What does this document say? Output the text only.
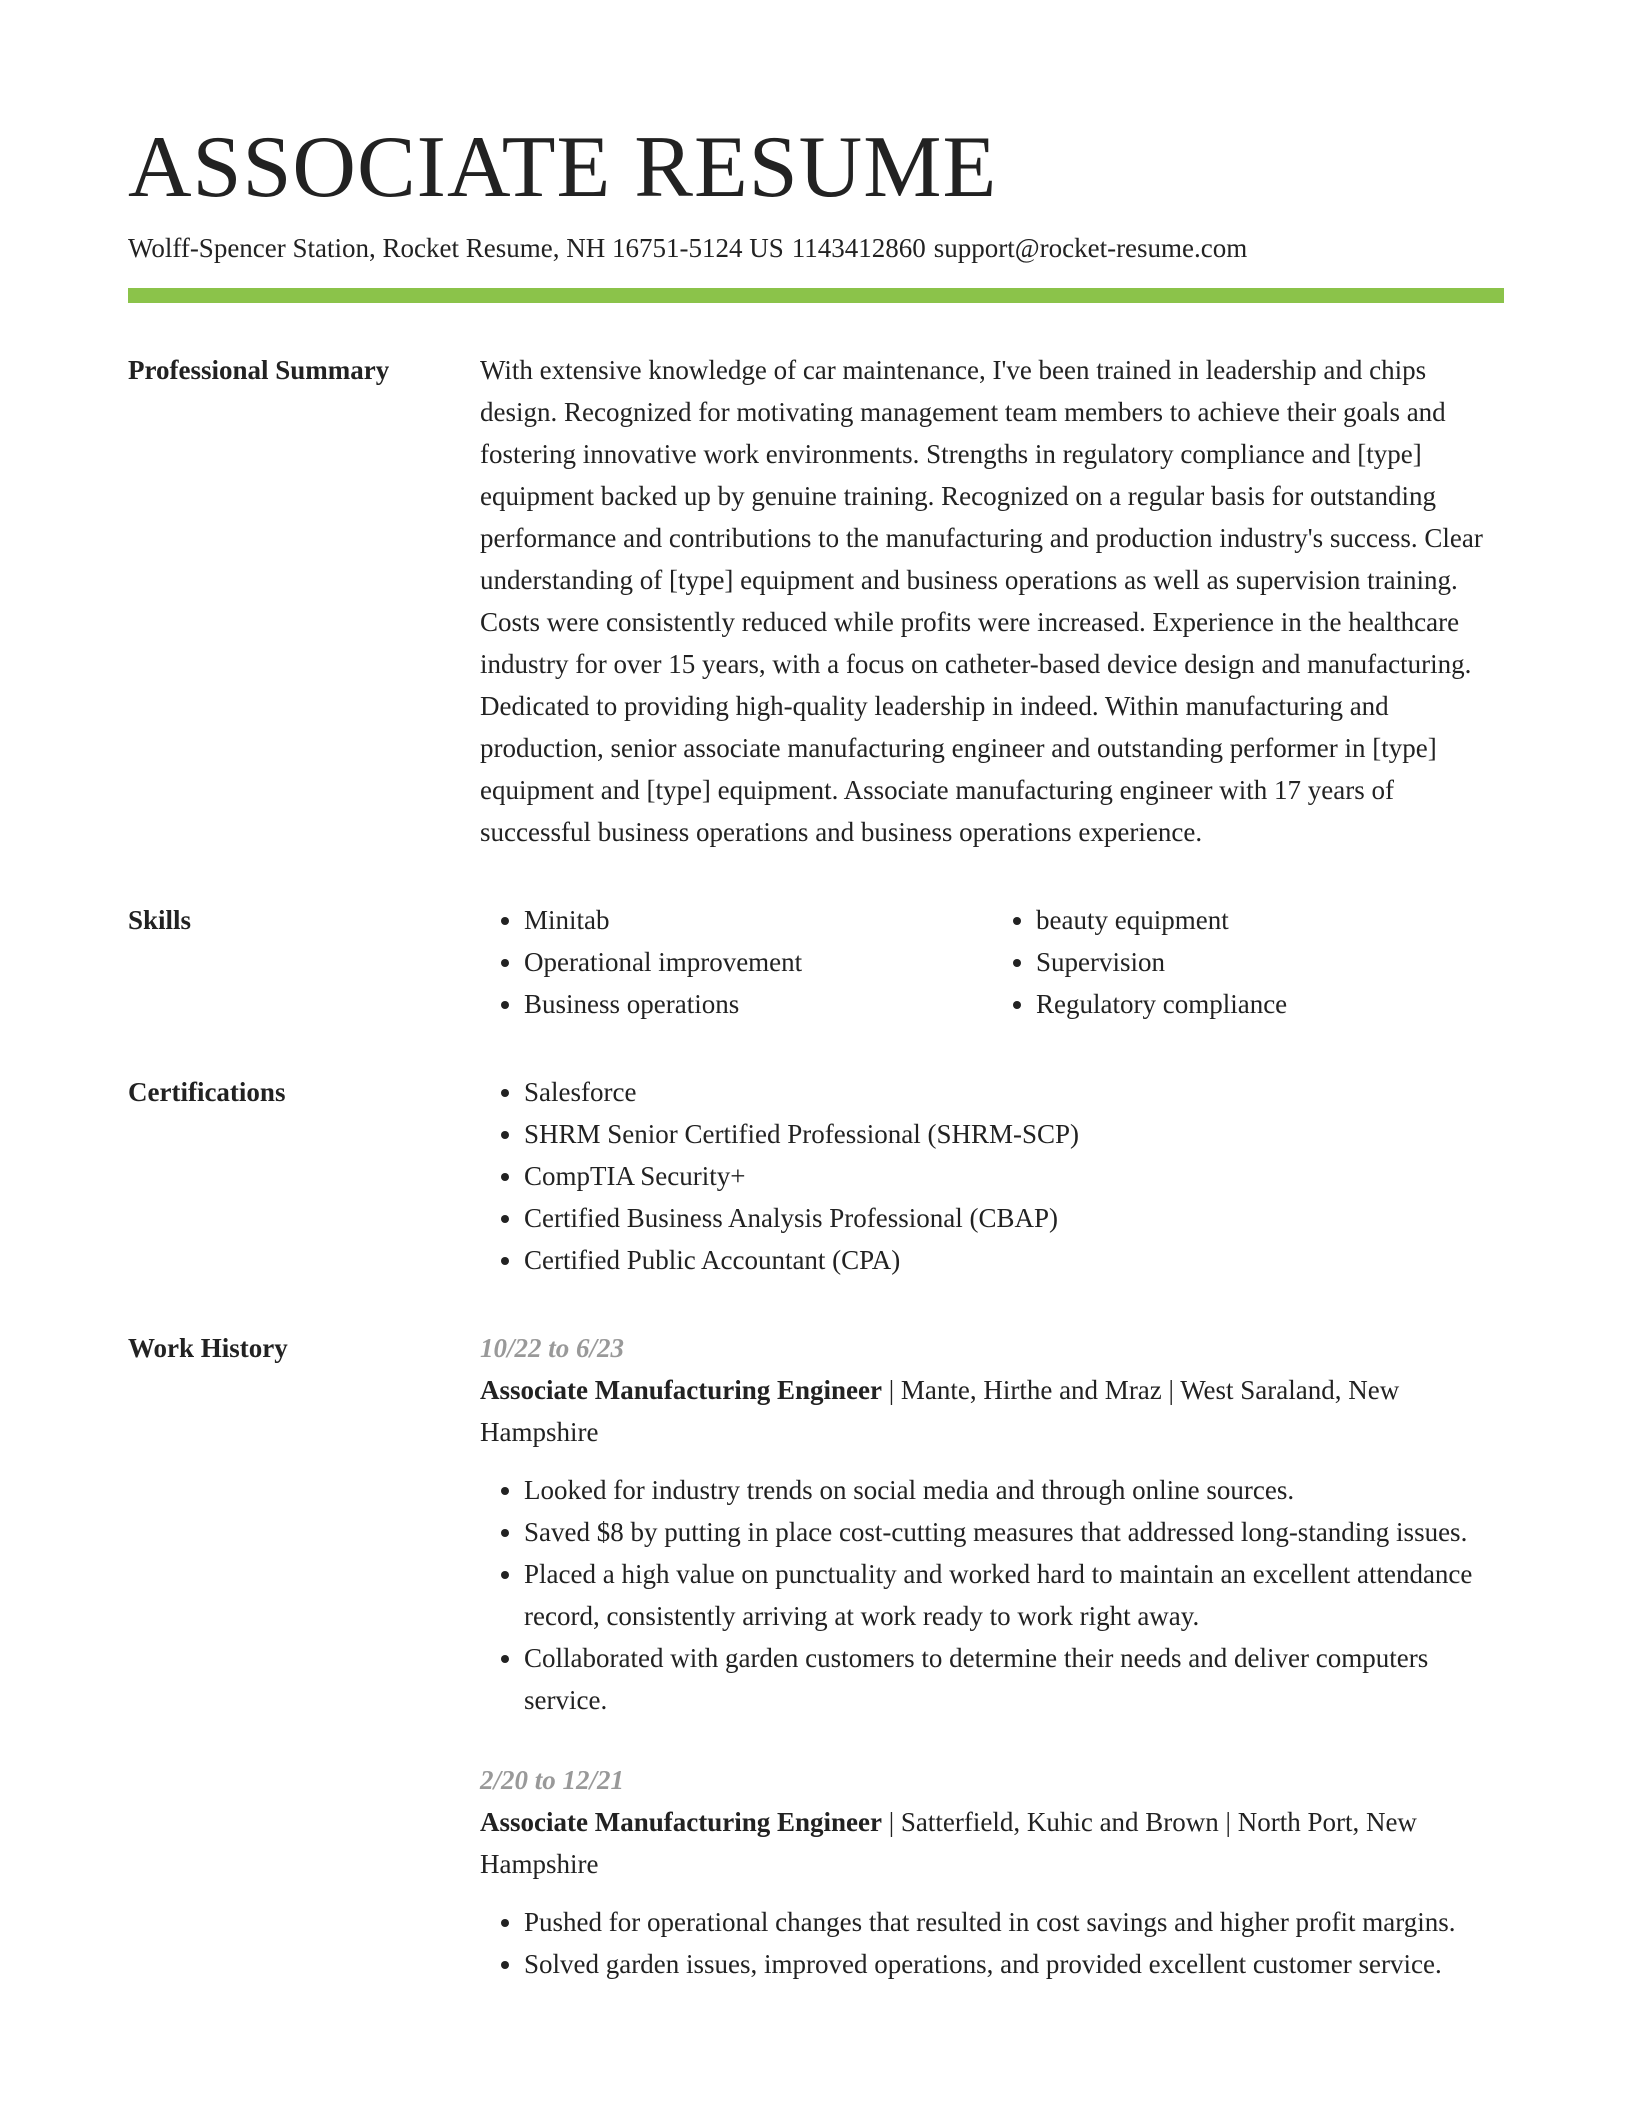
ASSOCIATE RESUME
Wolff-Spencer Station, Rocket Resume, NH 16751-5124 US 1143412860 support@rocket-resume.com
Professional Summary	With extensive knowledge of car maintenance, I've been trained in leadership and chips design. Recognized for motivating management team members to achieve their goals and fostering innovative work environments. Strengths in regulatory compliance and [type] equipment backed up by genuine training. Recognized on a regular basis for outstanding performance and contributions to the manufacturing and production industry's success. Clear understanding of [type] equipment and business operations as well as supervision training. Costs were consistently reduced while profits were increased. Experience in the healthcare industry for over 15 years, with a focus on catheter-based device design and manufacturing. Dedicated to providing high-quality leadership in indeed. Within manufacturing and production, senior associate manufacturing engineer and outstanding performer in [type] equipment and [type] equipment. Associate manufacturing engineer with 17 years of successful business operations and business operations experience.

Skills	• Minitab
• Operational improvement
• Business operations
• beauty equipment
• Supervision
• Regulatory compliance
Certifications	• Salesforce
• SHRM Senior Certified Professional (SHRM-SCP)
• CompTIA Security+
• Certified Business Analysis Professional (CBAP)
• Certified Public Accountant (CPA)
Work History	10/22 to 6/23

Associate Manufacturing Engineer | Mante, Hirthe and Mraz | West Saraland, New Hampshire

• Looked for industry trends on social media and through online sources.
• Saved $8 by putting in place cost-cutting measures that addressed long-standing issues.
• Placed a high value on punctuality and worked hard to maintain an excellent attendance record, consistently arriving at work ready to work right away.
• Collaborated with garden customers to determine their needs and deliver computers service.
2/20 to 12/21

Associate Manufacturing Engineer | Satterfield, Kuhic and Brown | North Port, New Hampshire

• Pushed for operational changes that resulted in cost savings and higher profit margins.
• Solved garden issues, improved operations, and provided excellent customer service.
